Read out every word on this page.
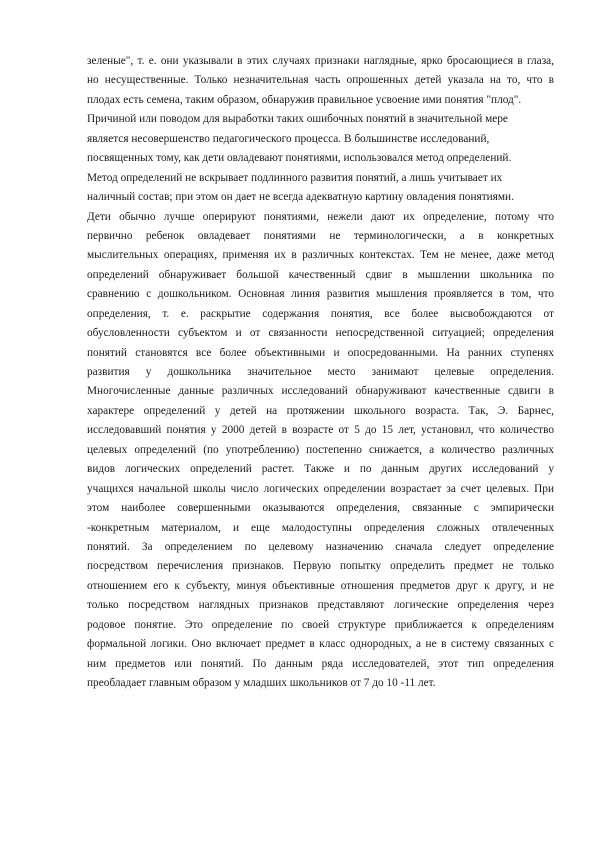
зеленые", т. е. они указывали в этих случаях признаки наглядные, ярко бросающиеся в глаза,
но несущественные. Только незначительная часть опрошенных детей указала на то, что в
плодах есть семена, таким образом, обнаружив правильное усвоение ими понятия "плод".
Причиной или поводом для выработки таких ошибочных понятий в значительной мере
является несовершенство педагогического процесса. В большинстве исследований,
посвященных тому, как дети овладевают понятиями, использовался метод определений.
Метод определений не вскрывает подлинного развития понятий, а лишь учитывает их
наличный состав; при этом он дает не всегда адекватную картину овладения понятиями.
Дети обычно лучше оперируют понятиями, нежели дают их определение, потому что
первично ребенок овладевает понятиями не терминологически, а в конкретных
мыслительных операциях, применяя их в различных контекстах. Тем не менее, даже метод
определений обнаруживает большой качественный сдвиг в мышлении школьника по
сравнению с дошкольником. Основная линия развития мышления проявляется в том, что
определения, т. е. раскрытие содержания понятия, все более высвобождаются от
обусловленности субъектом и от связанности непосредственной ситуацией; определения
понятий становятся все более объективными и опосредованными. На ранних ступенях
развития у дошкольника значительное место занимают целевые определения.
Многочисленные данные различных исследований обнаруживают качественные сдвиги в
характере определений у детей на протяжении школьного возраста. Так, Э. Барнес,
исследовавший понятия у 2000 детей в возрасте от 5 до 15 лет, установил, что количество
целевых определений (по употреблению) постепенно снижается, а количество различных
видов логических определений растет. Также и по данным других исследований у
учащихся начальной школы число логических определении возрастает за счет целевых. При
этом наиболее совершенными оказываются определения, связанные с эмпирически
-конкретным материалом, и еще малодоступны определения сложных отвлеченных
понятий. За определением по целевому назначению сначала следует определение
посредством перечисления признаков. Первую попытку определить предмет не только
отношением его к субъекту, минуя объективные отношения предметов друг к другу, и не
только посредством наглядных признаков представляют логические определения через
родовое понятие. Это определение по своей структуре приближается к определениям
формальной логики. Оно включает предмет в класс однородных, а не в систему связанных с
ним предметов или понятий. По данным ряда исследователей, этот тип определения
преобладает главным образом у младших школьников от 7 до 10 -11 лет.
